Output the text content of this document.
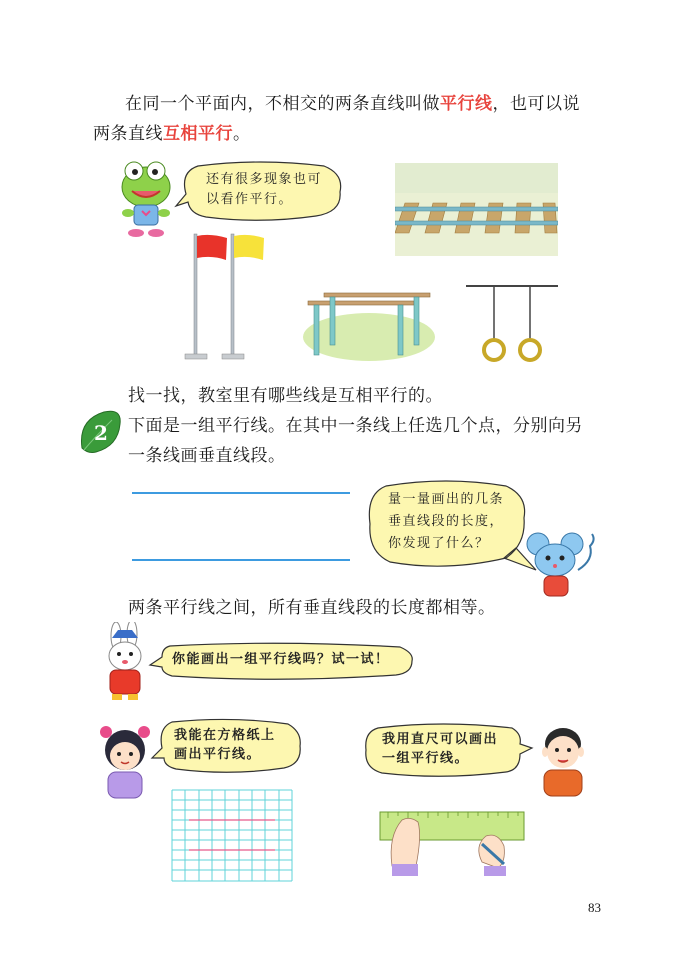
在同一个平面内，不相交的两条直线叫做平行线，也可以说
两条直线互相平行。
还有很多现象也可
以看作平行。
找一找，教室里有哪些线是互相平行的。
2 下面是一组平行线。在其中一条线上任选几个点，分别向另
一条线画垂直线段。
量一量画出的几条
垂直线段的长度，
你发现了什么？
两条平行线之间，所有垂直线段的长度都相等。
你能画出一组平行线吗？试一试！
我能在方格纸上
画出平行线。
我用直尺可以画出
一组平行线。
83
